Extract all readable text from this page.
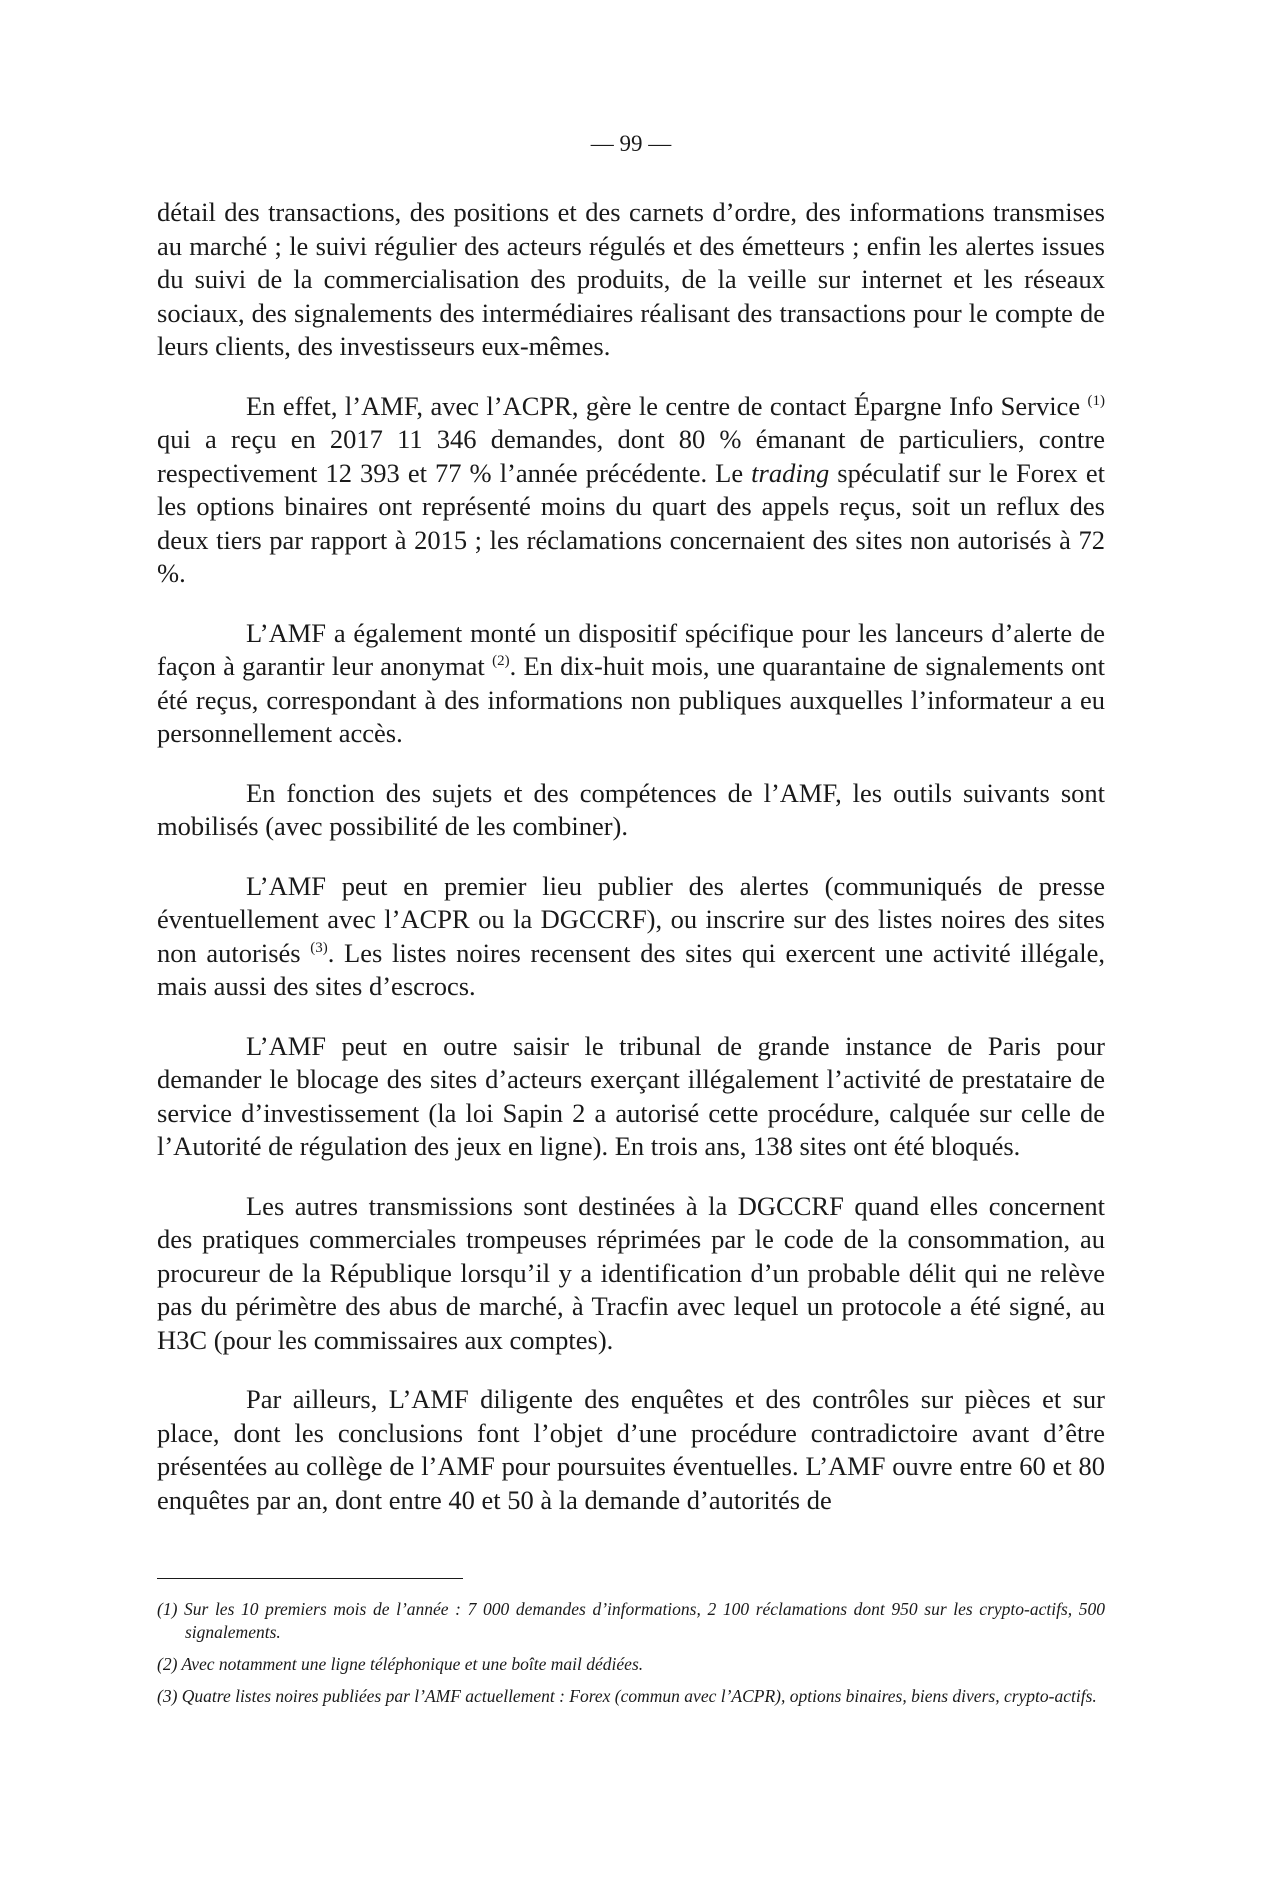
— 99 —

détail des transactions, des positions et des carnets d’ordre, des informations transmises au marché ; le suivi régulier des acteurs régulés et des émetteurs ; enfin les alertes issues du suivi de la commercialisation des produits, de la veille sur internet et les réseaux sociaux, des signalements des intermédiaires réalisant des transactions pour le compte de leurs clients, des investisseurs eux-mêmes.

En effet, l’AMF, avec l’ACPR, gère le centre de contact Épargne Info Service $^{(1)}$ qui a reçu en 2017 11 346 demandes, dont 80 % émanant de particuliers, contre respectivement 12 393 et 77 % l’année précédente. Le trading spéculatif sur le Forex et les options binaires ont représenté moins du quart des appels reçus, soit un reflux des deux tiers par rapport à 2015 ; les réclamations concernaient des sites non autorisés à 72 %.

L’AMF a également monté un dispositif spécifique pour les lanceurs d’alerte de façon à garantir leur anonymat $^{(2)}$. En dix-huit mois, une quarantaine de signalements ont été reçus, correspondant à des informations non publiques auxquelles l’informateur a eu personnellement accès.

En fonction des sujets et des compétences de l’AMF, les outils suivants sont mobilisés (avec possibilité de les combiner).

L’AMF peut en premier lieu publier des alertes (communiqués de presse éventuellement avec l’ACPR ou la DGCCRF), ou inscrire sur des listes noires des sites non autorisés $^{(3)}$. Les listes noires recensent des sites qui exercent une activité illégale, mais aussi des sites d’escrocs.

L’AMF peut en outre saisir le tribunal de grande instance de Paris pour demander le blocage des sites d’acteurs exerçant illégalement l’activité de prestataire de service d’investissement (la loi Sapin 2 a autorisé cette procédure, calquée sur celle de l’Autorité de régulation des jeux en ligne). En trois ans, 138 sites ont été bloqués.

Les autres transmissions sont destinées à la DGCCRF quand elles concernent des pratiques commerciales trompeuses réprimées par le code de la consommation, au procureur de la République lorsqu’il y a identification d’un probable délit qui ne relève pas du périmètre des abus de marché, à Tracfin avec lequel un protocole a été signé, au H3C (pour les commissaires aux comptes).

Par ailleurs, L’AMF diligente des enquêtes et des contrôles sur pièces et sur place, dont les conclusions font l’objet d’une procédure contradictoire avant d’être présentées au collège de l’AMF pour poursuites éventuelles. L’AMF ouvre entre 60 et 80 enquêtes par an, dont entre 40 et 50 à la demande d’autorités de

(1) Sur les 10 premiers mois de l’année : 7 000 demandes d’informations, 2 100 réclamations dont 950 sur les crypto-actifs, 500 signalements.

(2) Avec notamment une ligne téléphonique et une boîte mail dédiées.

(3) Quatre listes noires publiées par l’AMF actuellement : Forex (commun avec l’ACPR), options binaires, biens divers, crypto-actifs.
